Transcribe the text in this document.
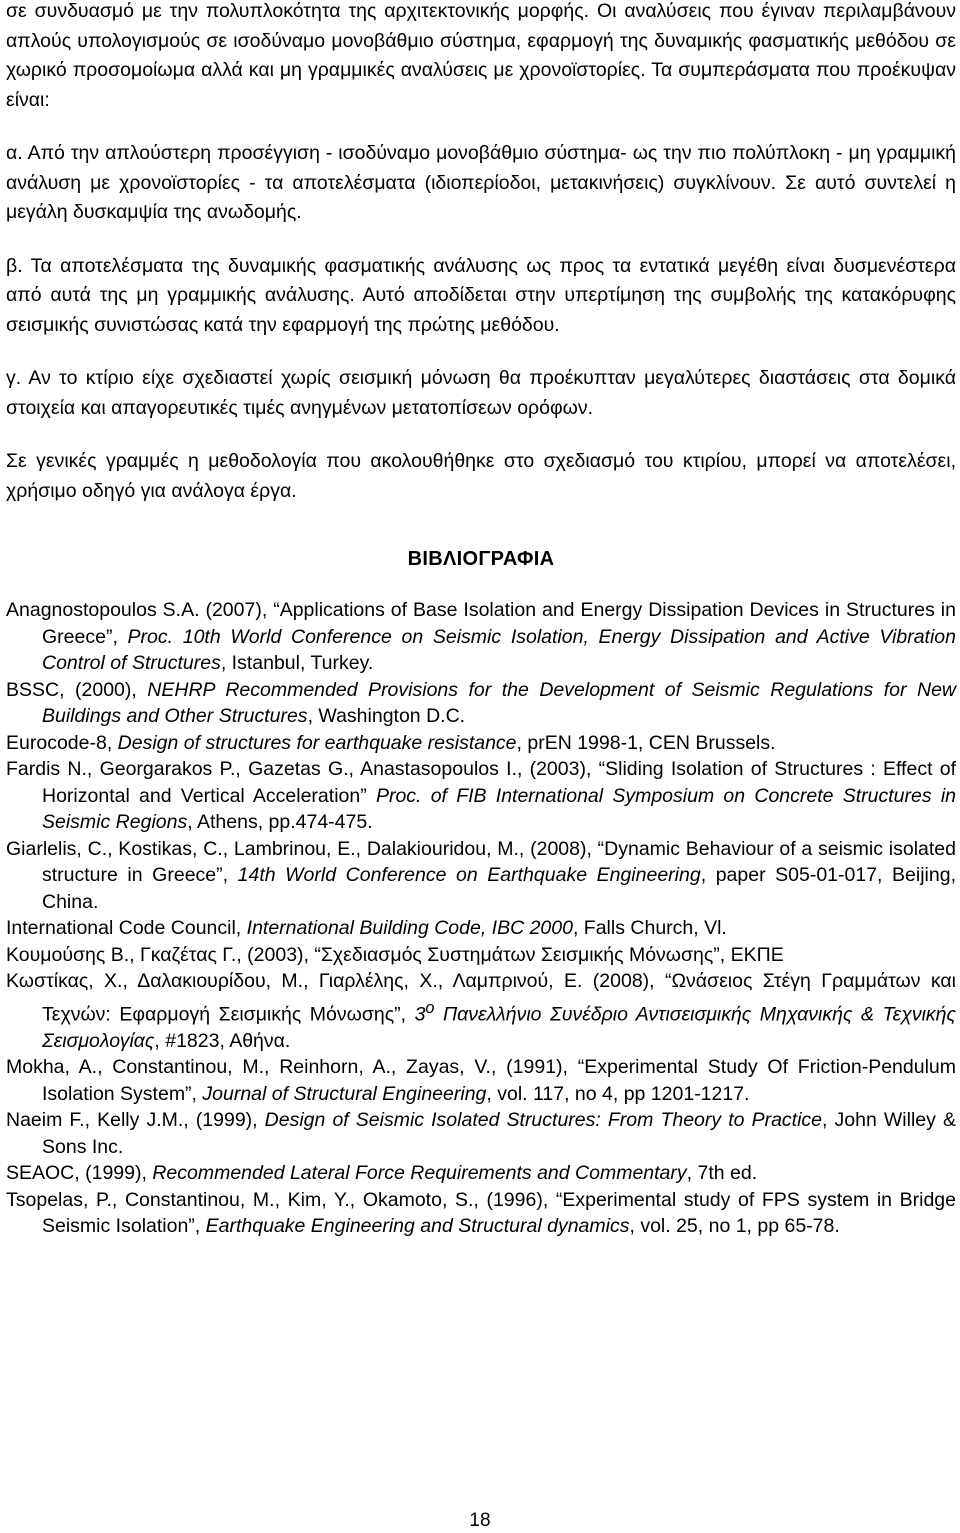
σε συνδυασμό με την πολυπλοκότητα της αρχιτεκτονικής μορφής. Οι αναλύσεις που έγιναν περιλαμβάνουν απλούς υπολογισμούς σε ισοδύναμο μονοβάθμιο σύστημα, εφαρμογή της δυναμικής φασματικής μεθόδου σε χωρικό προσομοίωμα αλλά και μη γραμμικές αναλύσεις με χρονοϊστορίες. Τα συμπεράσματα που προέκυψαν είναι:

α. Από την απλούστερη προσέγγιση - ισοδύναμο μονοβάθμιο σύστημα- ως την πιο πολύπλοκη - μη γραμμική ανάλυση με χρονοϊστορίες - τα αποτελέσματα (ιδιοπερίοδοι, μετακινήσεις) συγκλίνουν. Σε αυτό συντελεί η μεγάλη δυσκαμψία της ανωδομής.

β. Τα αποτελέσματα της δυναμικής φασματικής ανάλυσης ως προς τα εντατικά μεγέθη είναι δυσμενέστερα από αυτά της μη γραμμικής ανάλυσης. Αυτό αποδίδεται στην υπερτίμηση της συμβολής της κατακόρυφης σεισμικής συνιστώσας κατά την εφαρμογή της πρώτης μεθόδου.

γ. Αν το κτίριο είχε σχεδιαστεί χωρίς σεισμική μόνωση θα προέκυπταν μεγαλύτερες διαστάσεις στα δομικά στοιχεία και απαγορευτικές τιμές ανηγμένων μετατοπίσεων ορόφων.

Σε γενικές γραμμές η μεθοδολογία που ακολουθήθηκε στο σχεδιασμό του κτιρίου, μπορεί να αποτελέσει, χρήσιμο οδηγό για ανάλογα έργα.

ΒΙΒΛΙΟΓΡΑΦΙΑ
Anagnostopoulos S.A. (2007), “Applications of Base Isolation and Energy Dissipation Devices in Structures in Greece”, Proc. 10th World Conference on Seismic Isolation, Energy Dissipation and Active Vibration Control of Structures, Istanbul, Turkey.
BSSC, (2000), NEHRP Recommended Provisions for the Development of Seismic Regulations for New Buildings and Other Structures, Washington D.C.
Eurocode-8, Design of structures for earthquake resistance, prEN 1998-1, CEN Brussels.
Fardis N., Georgarakos P., Gazetas G., Anastasopoulos I., (2003), “Sliding Isolation of Structures : Effect of Horizontal and Vertical Acceleration” Proc. of FIB International Symposium on Concrete Structures in Seismic Regions, Athens, pp.474-475.
Giarlelis, C., Kostikas, C., Lambrinou, E., Dalakiouridou, M., (2008), “Dynamic Behaviour of a seismic isolated structure in Greece”, 14th World Conference on Earthquake Engineering, paper S05-01-017, Beijing, China.
International Code Council, International Building Code, IBC 2000, Falls Church, Vl.
Κουμούσης Β., Γκαζέτας Γ., (2003), “Σχεδιασμός Συστημάτων Σεισμικής Μόνωσης”, ΕΚΠΕ
Κωστίκας, Χ., Δαλακιουρίδου, Μ., Γιαρλέλης, Χ., Λαμπρινού, Ε. (2008), “Ωνάσειος Στέγη Γραμμάτων και Τεχνών: Εφαρμογή Σεισμικής Μόνωσης”, $3^o$ Πανελλήνιο Συνέδριο Αντισεισμικής Μηχανικής & Τεχνικής Σεισμολογίας, #1823, Αθήνα.
Mokha, A., Constantinou, M., Reinhorn, A., Zayas, V., (1991), “Experimental Study Of Friction-Pendulum Isolation System”, Journal of Structural Engineering, vol. 117, no 4, pp 1201-1217.
Naeim F., Kelly J.M., (1999), Design of Seismic Isolated Structures: From Theory to Practice, John Willey & Sons Inc.
SEAOC, (1999), Recommended Lateral Force Requirements and Commentary, 7th ed.
Tsopelas, P., Constantinou, M., Kim, Y., Okamoto, S., (1996), “Experimental study of FPS system in Bridge Seismic Isolation”, Earthquake Engineering and Structural dynamics, vol. 25, no 1, pp 65-78.
18
